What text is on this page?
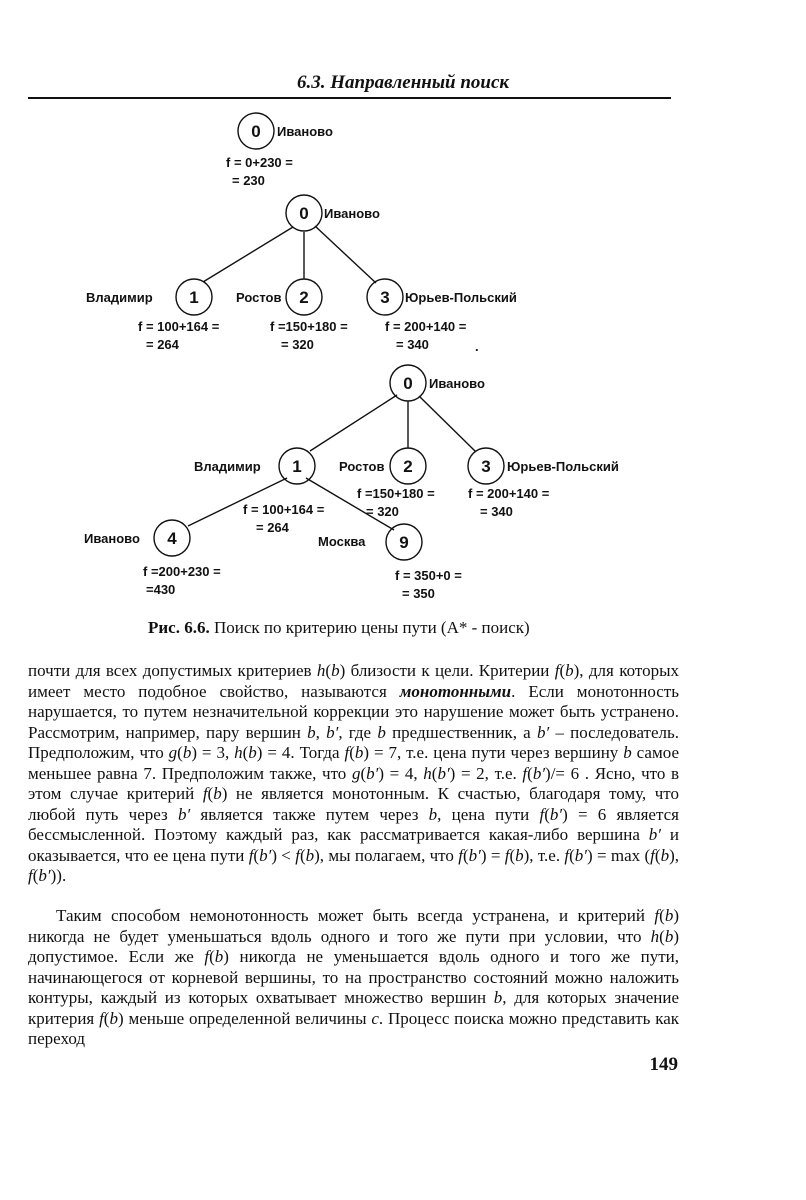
6.3. Направленный поиск
0
0
1	2	3
0
1	2	3
4	9
Иваново
f = 0+230 =
= 230
Иваново
Владимир	Ростов	Юрьев-Польский
f = 100+164 =
= 264
f =150+180 =
= 320
f = 200+140 =
= 340	.
Иваново
Владимир	Ростов	Юрьев-Польский
f =150+180 =
= 320
f = 200+140 =
= 340
f = 100+164 =
= 264
Иваново	Москва
f =200+230 =
=430
f = 350+0 =
= 350
Рис. 6.6. Поиск по критерию цены пути (A* - поиск)

почти для всех допустимых критериев h(b) близости к цели. Критерии f(b), для которых имеет место подобное свойство, называются монотонными. Если монотонность нарушается, то путем незначительной коррекции это нарушение может быть устранено. Рассмотрим, например, пару вершин b, b′, где b предшественник, а b′ – последователь. Предположим, что g(b) = 3, h(b) = 4. Тогда f(b) = 7, т.е. цена пути через вершину b самое меньшее равна 7. Предположим также, что g(b′) = 4, h(b′) = 2, т.е. f(b′)/= 6 . Ясно, что в этом случае критерий f(b) не является монотонным. К счастью, благодаря тому, что любой путь через b′ является также путем через b, цена пути f(b′) = 6 является бессмысленной. Поэтому каждый раз, как рассматривается какая-либо вершина b′ и оказывается, что ее цена пути f(b′) < f(b), мы полагаем, что f(b′) = f(b), т.е. f(b′) = max (f(b), f(b′)).

Таким способом немонотонность может быть всегда устранена, и критерий f(b) никогда не будет уменьшаться вдоль одного и того же пути при условии, что h(b) допустимое. Если же f(b) никогда не уменьшается вдоль одного и того же пути, начинающегося от корневой вершины, то на пространство состояний можно наложить контуры, каждый из которых охватывает множество вершин b, для которых значение критерия f(b) меньше определенной величины c. Процесс поиска можно представить как переход

149
